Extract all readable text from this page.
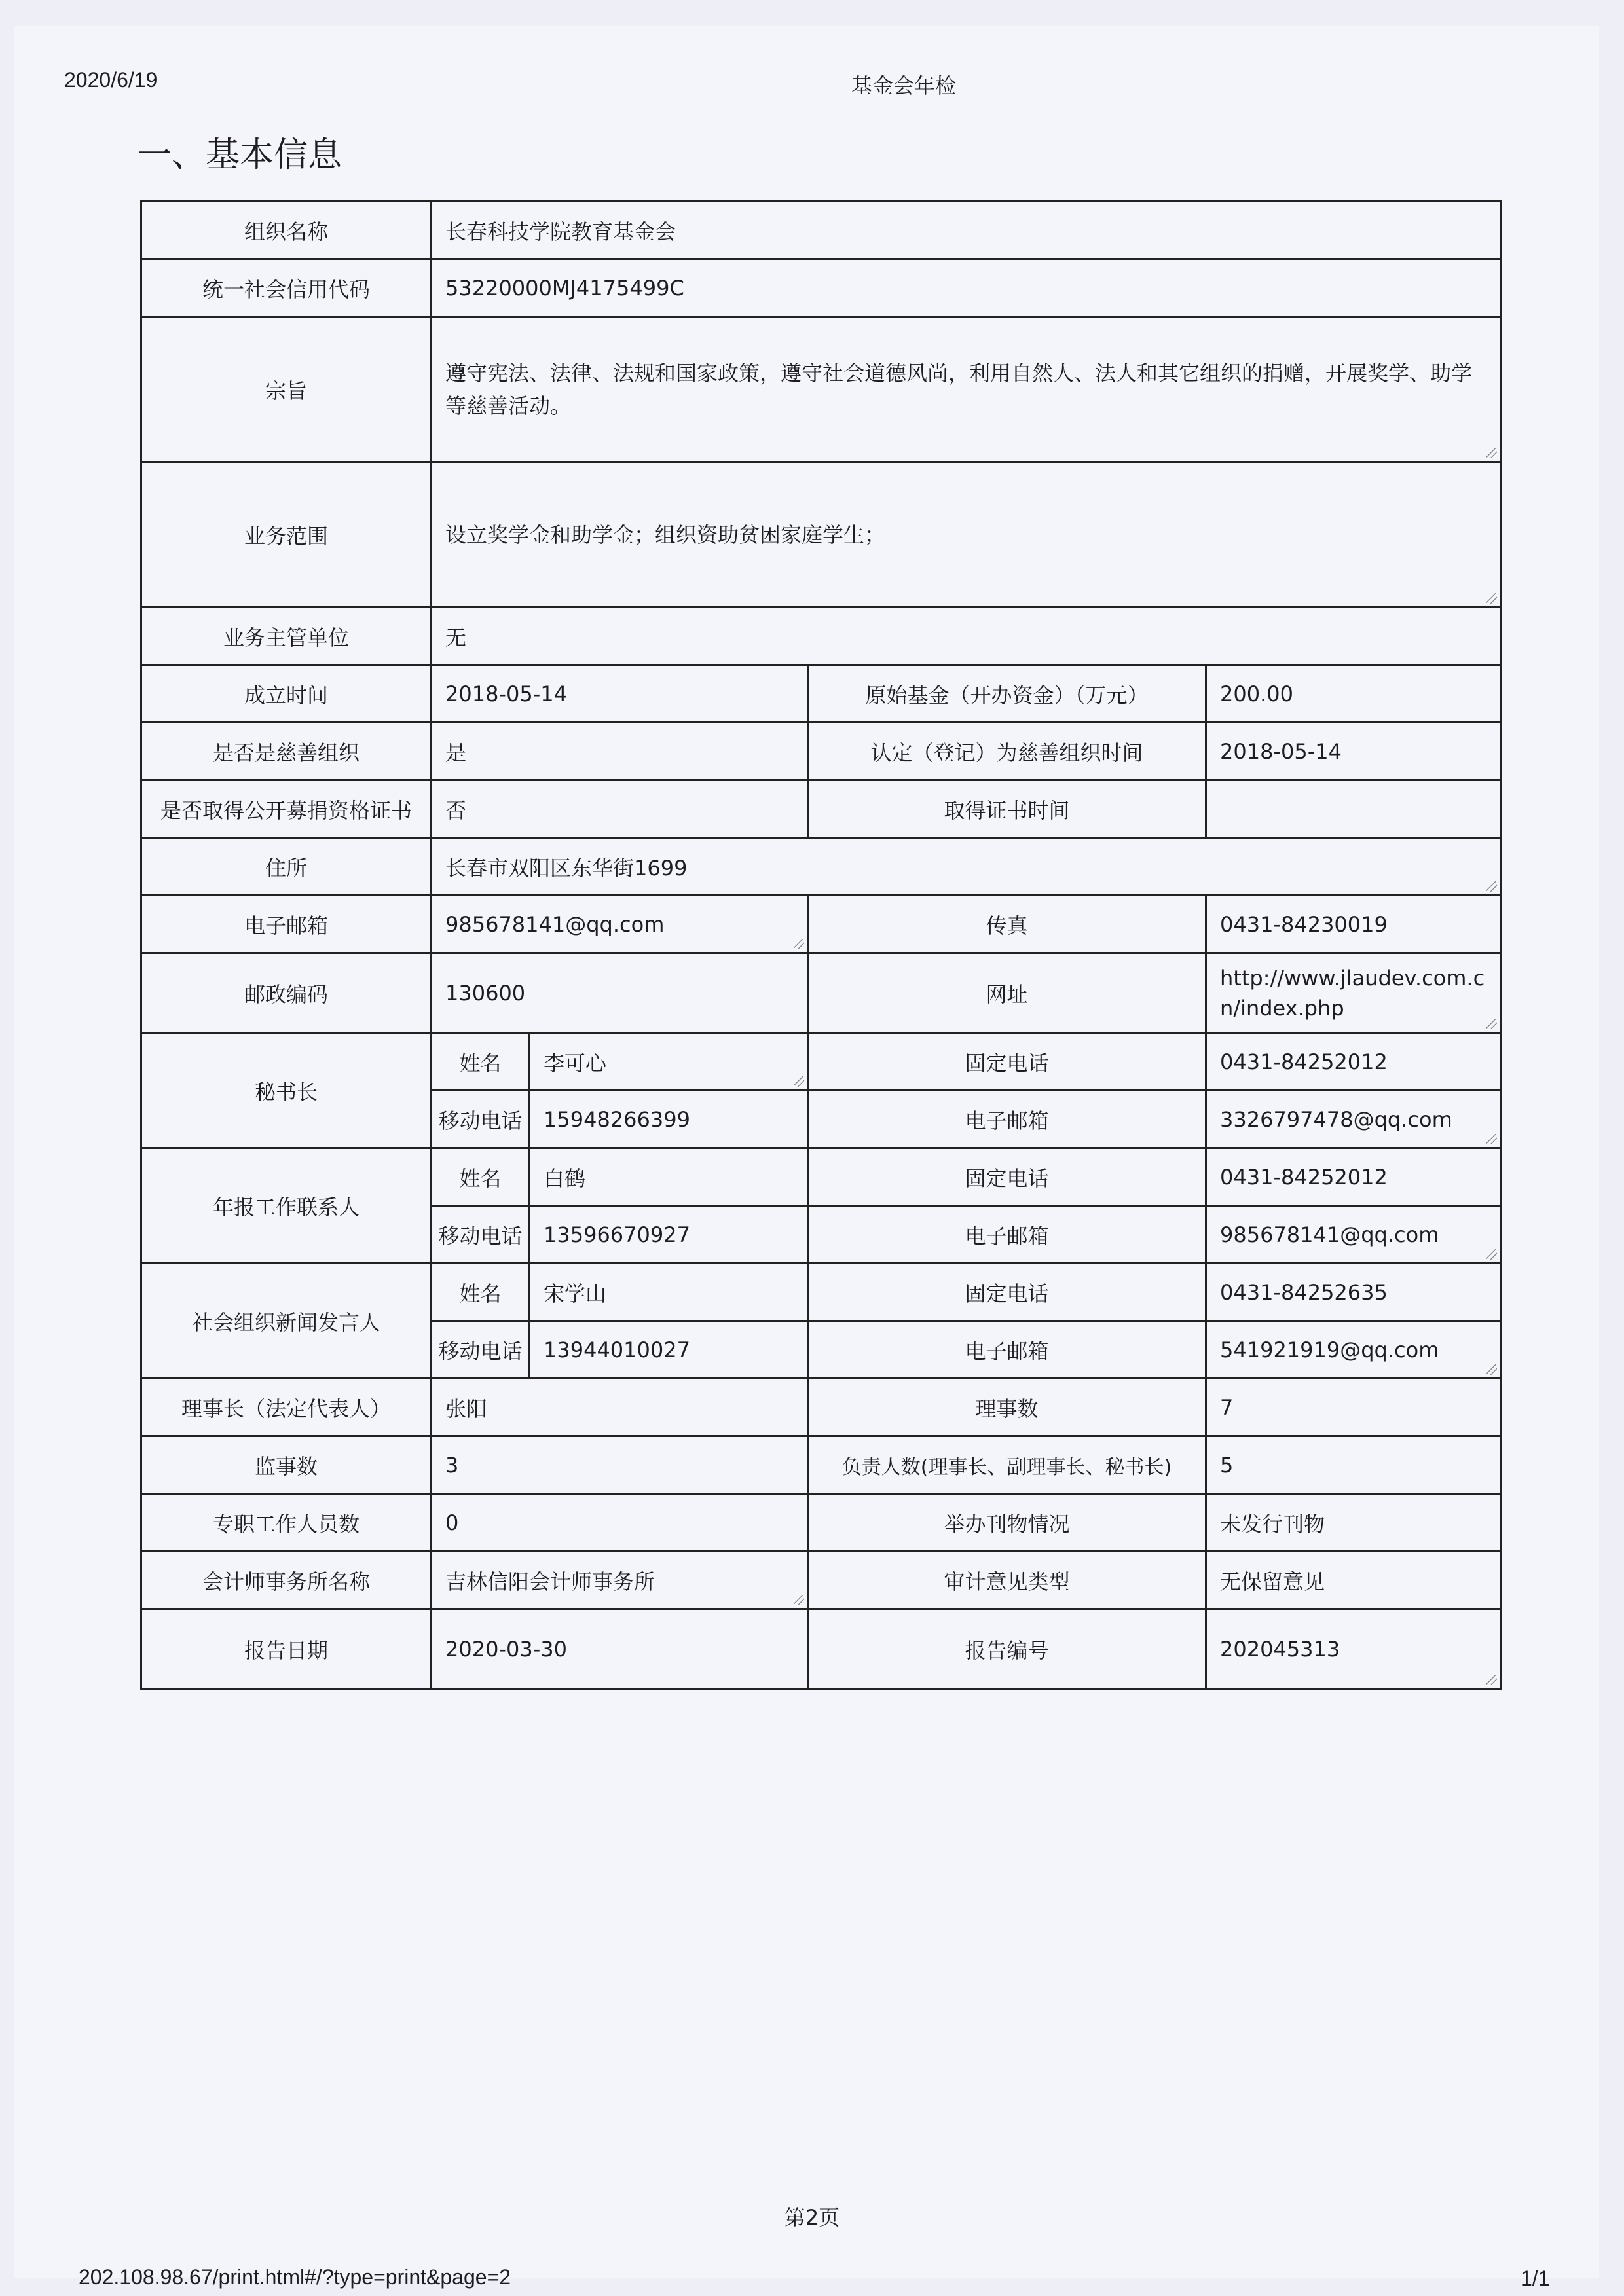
2020/6/19	基金会年检
一、基本信息
组织名称	长春科技学院教育基金会			
统一社会信用代码	53220000MJ4175499C			
宗旨	遵守宪法、法律、法规和国家政策，遵守社会道德风尚，利用自然人、法人和其它组织的捐赠，开展奖学、助学等慈善活动。			
业务范围	设立奖学金和助学金；组织资助贫困家庭学生；			
业务主管单位	无			
成立时间	2018-05-14		原始基金（开办资金）（万元）	200.00
是否是慈善组织	是		认定（登记）为慈善组织时间	2018-05-14
是否取得公开募捐资格证书	否		取得证书时间	
住所	长春市双阳区东华街1699			
电子邮箱	985678141@qq.com		传真	0431-84230019
邮政编码	130600		网址	http://www.jlaudev.com.cn/index.php
秘书长	姓名	李可心	固定电话	0431-84252012
	移动电话	15948266399	电子邮箱	3326797478@qq.com
年报工作联系人	姓名	白鹤	固定电话	0431-84252012
	移动电话	13596670927	电子邮箱	985678141@qq.com
社会组织新闻发言人	姓名	宋学山	固定电话	0431-84252635
	移动电话	13944010027	电子邮箱	541921919@qq.com
理事长（法定代表人）	张阳		理事数	7
监事数	3		负责人数(理事长、副理事长、秘书长)	5
专职工作人员数	0		举办刊物情况	未发行刊物
会计师事务所名称	吉林信阳会计师事务所		审计意见类型	无保留意见
报告日期	2020-03-30		报告编号	202045313
第2页
202.108.98.67/print.html#/?type=print&page=2	1/1
